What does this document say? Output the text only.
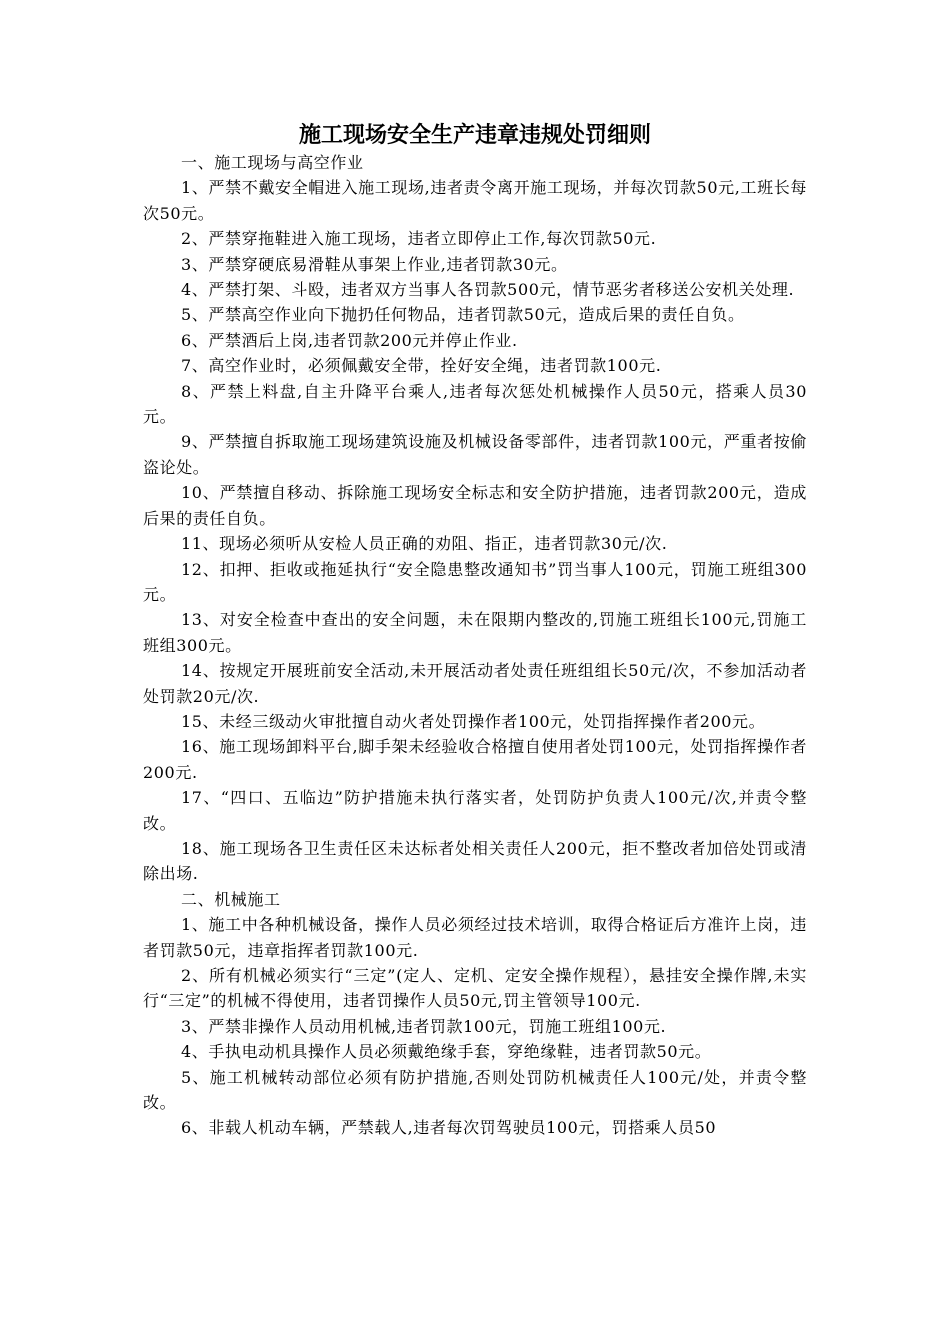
施工现场安全生产违章违规处罚细则

一、施工现场与高空作业

1、严禁不戴安全帽进入施工现场,违者责令离开施工现场，并每次罚款50元,工班长每次50元。

2、严禁穿拖鞋进入施工现场，违者立即停止工作,每次罚款50元.

3、严禁穿硬底易滑鞋从事架上作业,违者罚款30元。

4、严禁打架、斗殴，违者双方当事人各罚款500元，情节恶劣者移送公安机关处理.

5、严禁高空作业向下抛扔任何物品，违者罚款50元，造成后果的责任自负。

6、严禁酒后上岗,违者罚款200元并停止作业.

7、高空作业时，必须佩戴安全带，拴好安全绳，违者罚款100元.

8、严禁上料盘,自主升降平台乘人,违者每次惩处机械操作人员50元，搭乘人员30元。

9、严禁擅自拆取施工现场建筑设施及机械设备零部件，违者罚款100元，严重者按偷盗论处。

10、严禁擅自移动、拆除施工现场安全标志和安全防护措施，违者罚款200元，造成后果的责任自负。

11、现场必须听从安检人员正确的劝阻、指正，违者罚款30元/次.

12、扣押、拒收或拖延执行“安全隐患整改通知书”罚当事人100元，罚施工班组300元。

13、对安全检查中查出的安全问题，未在限期内整改的,罚施工班组长100元,罚施工班组300元。

14、按规定开展班前安全活动,未开展活动者处责任班组组长50元/次，不参加活动者处罚款20元/次.

15、未经三级动火审批擅自动火者处罚操作者100元，处罚指挥操作者200元。

16、施工现场卸料平台,脚手架未经验收合格擅自使用者处罚100元，处罚指挥操作者200元.

17、“四口、五临边”防护措施未执行落实者，处罚防护负责人100元/次,并责令整改。

18、施工现场各卫生责任区未达标者处相关责任人200元，拒不整改者加倍处罚或清除出场.

二、机械施工

1、施工中各种机械设备，操作人员必须经过技术培训，取得合格证后方准许上岗，违者罚款50元，违章指挥者罚款100元.

2、所有机械必须实行“三定”(定人、定机、定安全操作规程），悬挂安全操作牌,未实行“三定”的机械不得使用，违者罚操作人员50元,罚主管领导100元.

3、严禁非操作人员动用机械,违者罚款100元，罚施工班组100元.

4、手执电动机具操作人员必须戴绝缘手套，穿绝缘鞋，违者罚款50元。

5、施工机械转动部位必须有防护措施,否则处罚防机械责任人100元/处，并责令整改。

6、非载人机动车辆，严禁载人,违者每次罚驾驶员100元，罚搭乘人员50
